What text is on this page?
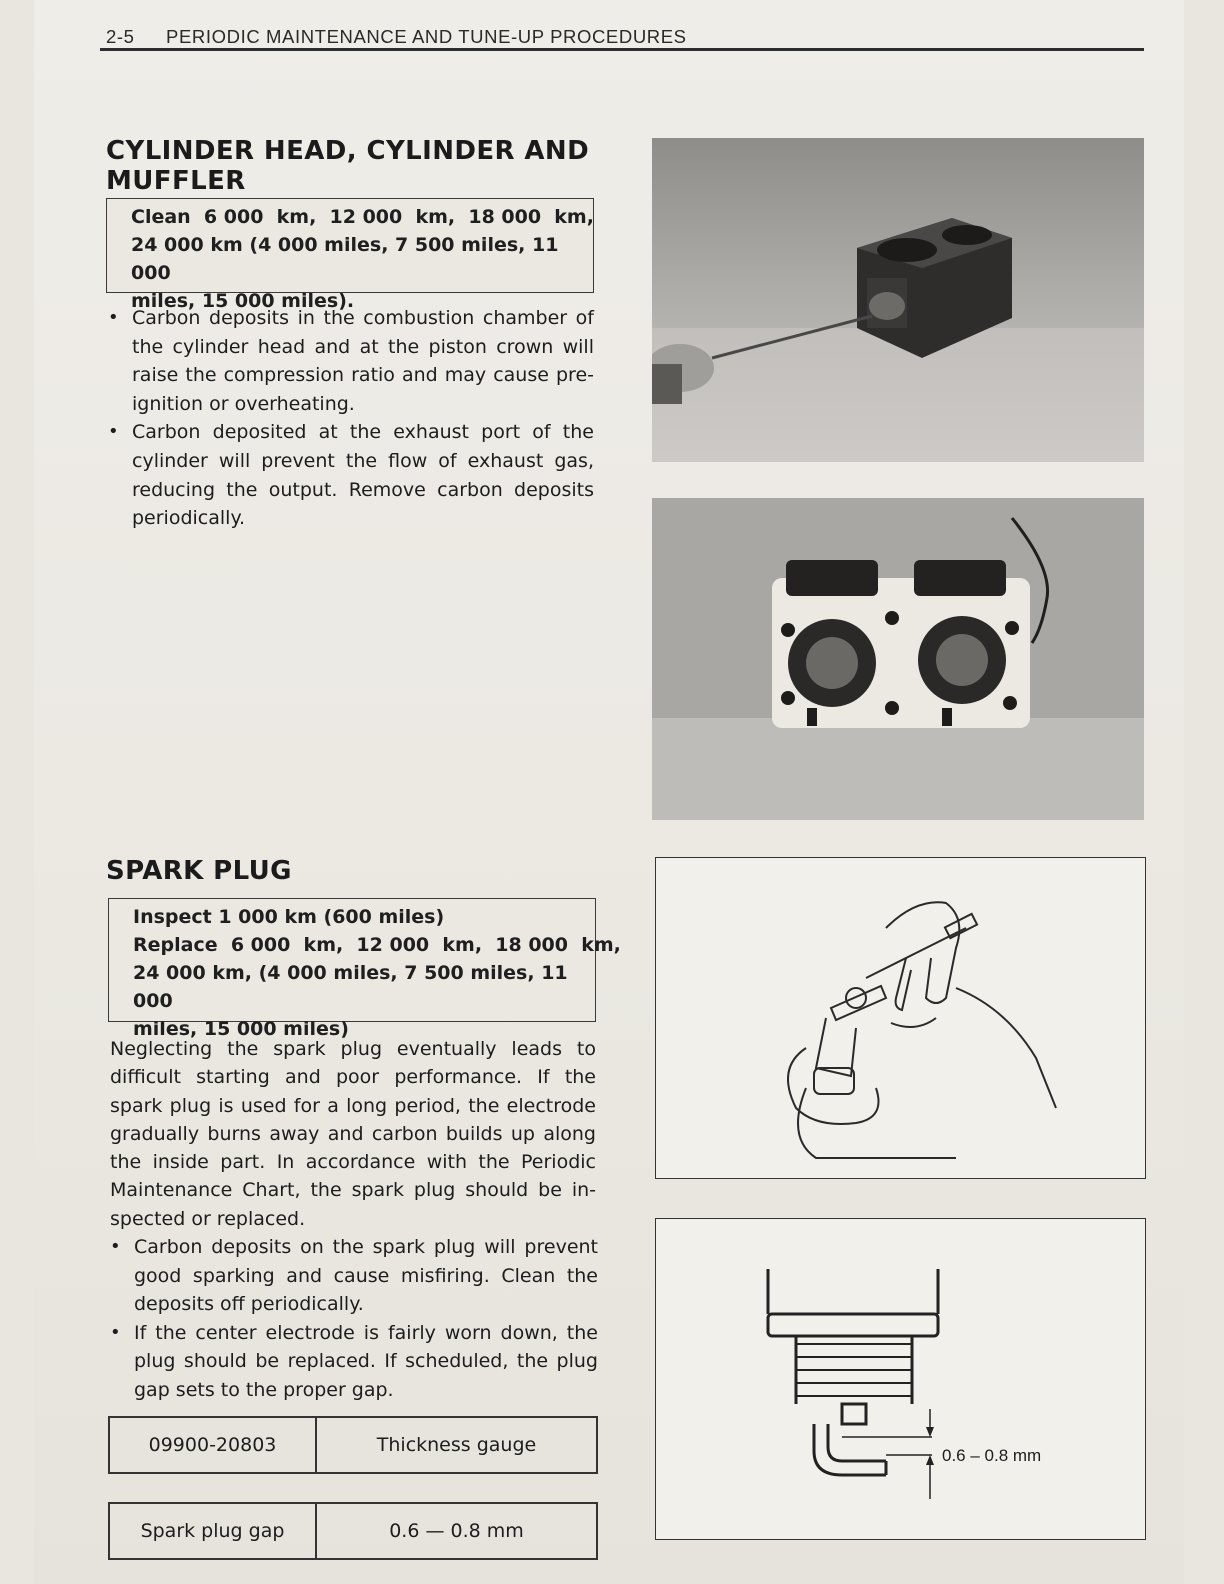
2-5 PERIODIC MAINTENANCE AND TUNE-UP PROCEDURES
CYLINDER HEAD, CYLINDER AND
MUFFLER
Clean  6 000  km,  12 000  km,  18 000  km,
24 000 km (4 000 miles, 7 500 miles, 11 000
miles, 15 000 miles).
• Carbon deposits in the combustion chamber of the cylinder head and at the piston crown will raise the compression ratio and may cause pre-ignition or overheating.
• Carbon deposited at the exhaust port of the cylinder will prevent the flow of exhaust gas, reducing the output. Remove carbon deposits periodically.
SPARK PLUG
Inspect 1 000 km (600 miles)
Replace  6 000  km,  12 000  km,  18 000  km,
24 000 km, (4 000 miles, 7 500 miles, 11 000
miles, 15 000 miles)

Neglecting the spark plug eventually leads to difficult starting and poor performance. If the spark plug is used for a long period, the electrode gradually burns away and carbon builds up along the inside part. In accordance with the Periodic Maintenance Chart, the spark plug should be in-spected or replaced.

• Carbon deposits on the spark plug will prevent good sparking and cause misfiring. Clean the deposits off periodically.
• If the center electrode is fairly worn down, the plug should be replaced. If scheduled, the plug gap sets to the proper gap.
09900-20803	Thickness gauge
Spark plug gap	0.6 — 0.8 mm
0.6 – 0.8 mm
